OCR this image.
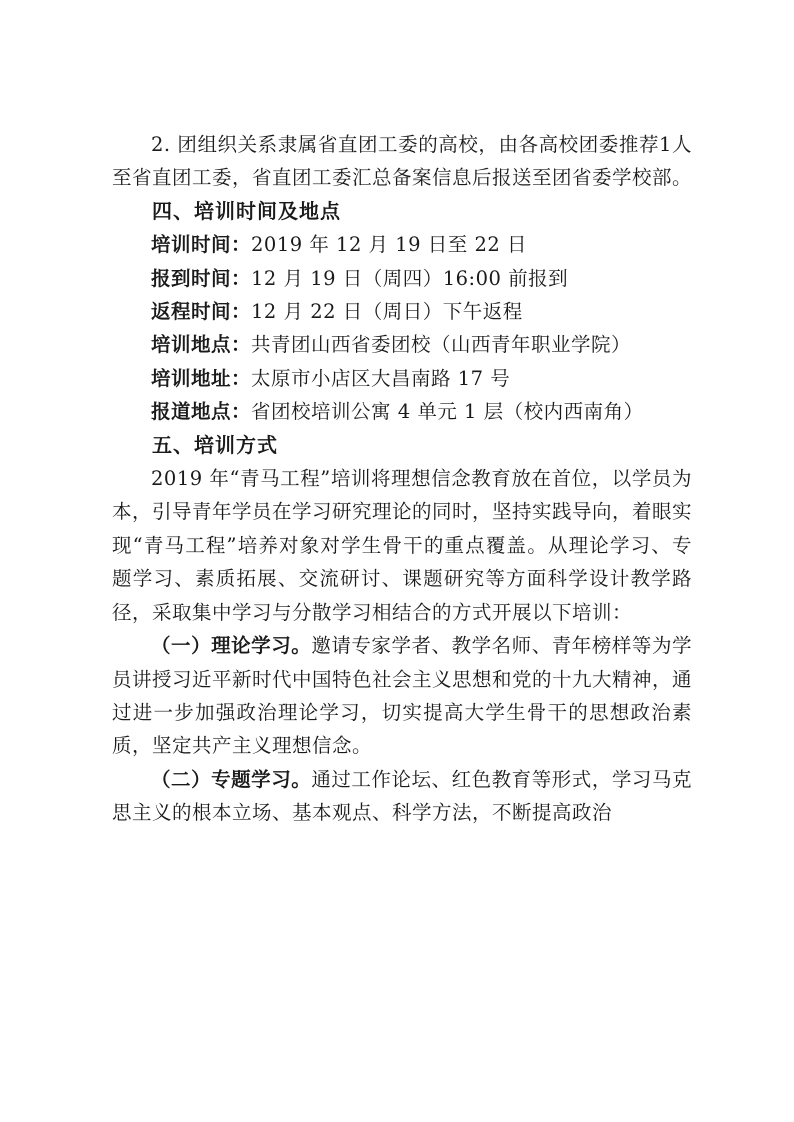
2. 团组织关系隶属省直团工委的高校，由各高校团委推荐1人至省直团工委，省直团工委汇总备案信息后报送至团省委学校部。

四、培训时间及地点

培训时间：2019 年 12 月 19 日至 22 日

报到时间：12 月 19 日（周四）16:00 前报到

返程时间：12 月 22 日（周日）下午返程

培训地点：共青团山西省委团校（山西青年职业学院）

培训地址：太原市小店区大昌南路 17 号

报道地点：省团校培训公寓 4 单元 1 层（校内西南角）

五、培训方式

2019 年“青马工程”培训将理想信念教育放在首位，以学员为本，引导青年学员在学习研究理论的同时，坚持实践导向，着眼实现“青马工程”培养对象对学生骨干的重点覆盖。从理论学习、专题学习、素质拓展、交流研讨、课题研究等方面科学设计教学路径，采取集中学习与分散学习相结合的方式开展以下培训：

（一）理论学习。邀请专家学者、教学名师、青年榜样等为学员讲授习近平新时代中国特色社会主义思想和党的十九大精神，通过进一步加强政治理论学习，切实提高大学生骨干的思想政治素质，坚定共产主义理想信念。

（二）专题学习。通过工作论坛、红色教育等形式，学习马克思主义的根本立场、基本观点、科学方法，不断提高政治
